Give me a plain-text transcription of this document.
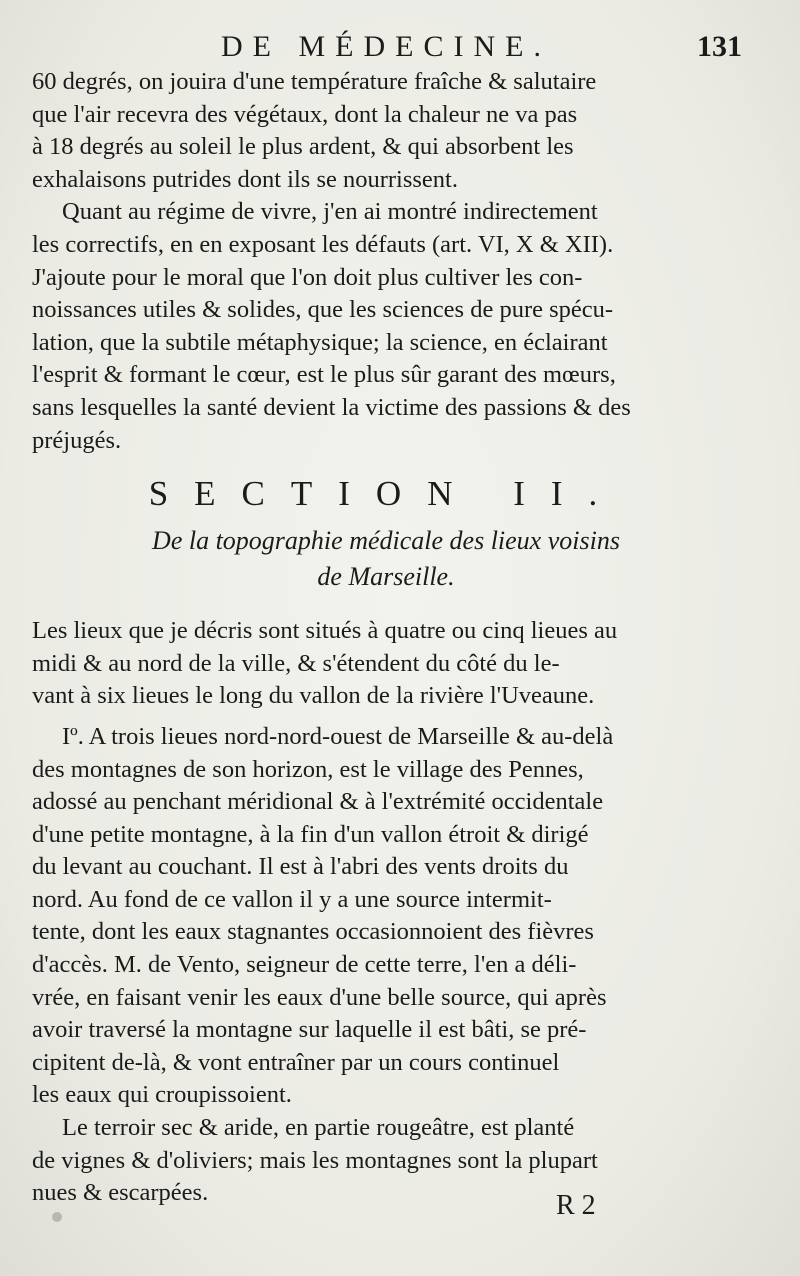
DE MÉDECINE.	131

60 degrés, on jouira d'une température fraîche & salutaire
que l'air recevra des végétaux, dont la chaleur ne va pas
à 18 degrés au soleil le plus ardent, & qui absorbent les
exhalaisons putrides dont ils se nourrissent.

Quant au régime de vivre, j'en ai montré indirectement
les correctifs, en en exposant les défauts (art. VI, X & XII).
J'ajoute pour le moral que l'on doit plus cultiver les con-
noissances utiles & solides, que les sciences de pure spécu-
lation, que la subtile métaphysique; la science, en éclairant
l'esprit & formant le cœur, est le plus sûr garant des mœurs,
sans lesquelles la santé devient la victime des passions & des
préjugés.

SECTION II.
De la topographie médicale des lieux voisins
de Marseille.

Les lieux que je décris sont situés à quatre ou cinq lieues au
midi & au nord de la ville, & s'étendent du côté du le-
vant à six lieues le long du vallon de la rivière l'Uveaune.

Iº. A trois lieues nord-nord-ouest de Marseille & au-delà
des montagnes de son horizon, est le village des Pennes,
adossé au penchant méridional & à l'extrémité occidentale
d'une petite montagne, à la fin d'un vallon étroit & dirigé
du levant au couchant. Il est à l'abri des vents droits du
nord. Au fond de ce vallon il y a une source intermit-
tente, dont les eaux stagnantes occasionnoient des fièvres
d'accès. M. de Vento, seigneur de cette terre, l'en a déli-
vrée, en faisant venir les eaux d'une belle source, qui après
avoir traversé la montagne sur laquelle il est bâti, se pré-
cipitent de-là, & vont entraîner par un cours continuel
les eaux qui croupissoient.

Le terroir sec & aride, en partie rougeâtre, est planté
de vignes & d'oliviers; mais les montagnes sont la plupart
nues & escarpées.	R 2
